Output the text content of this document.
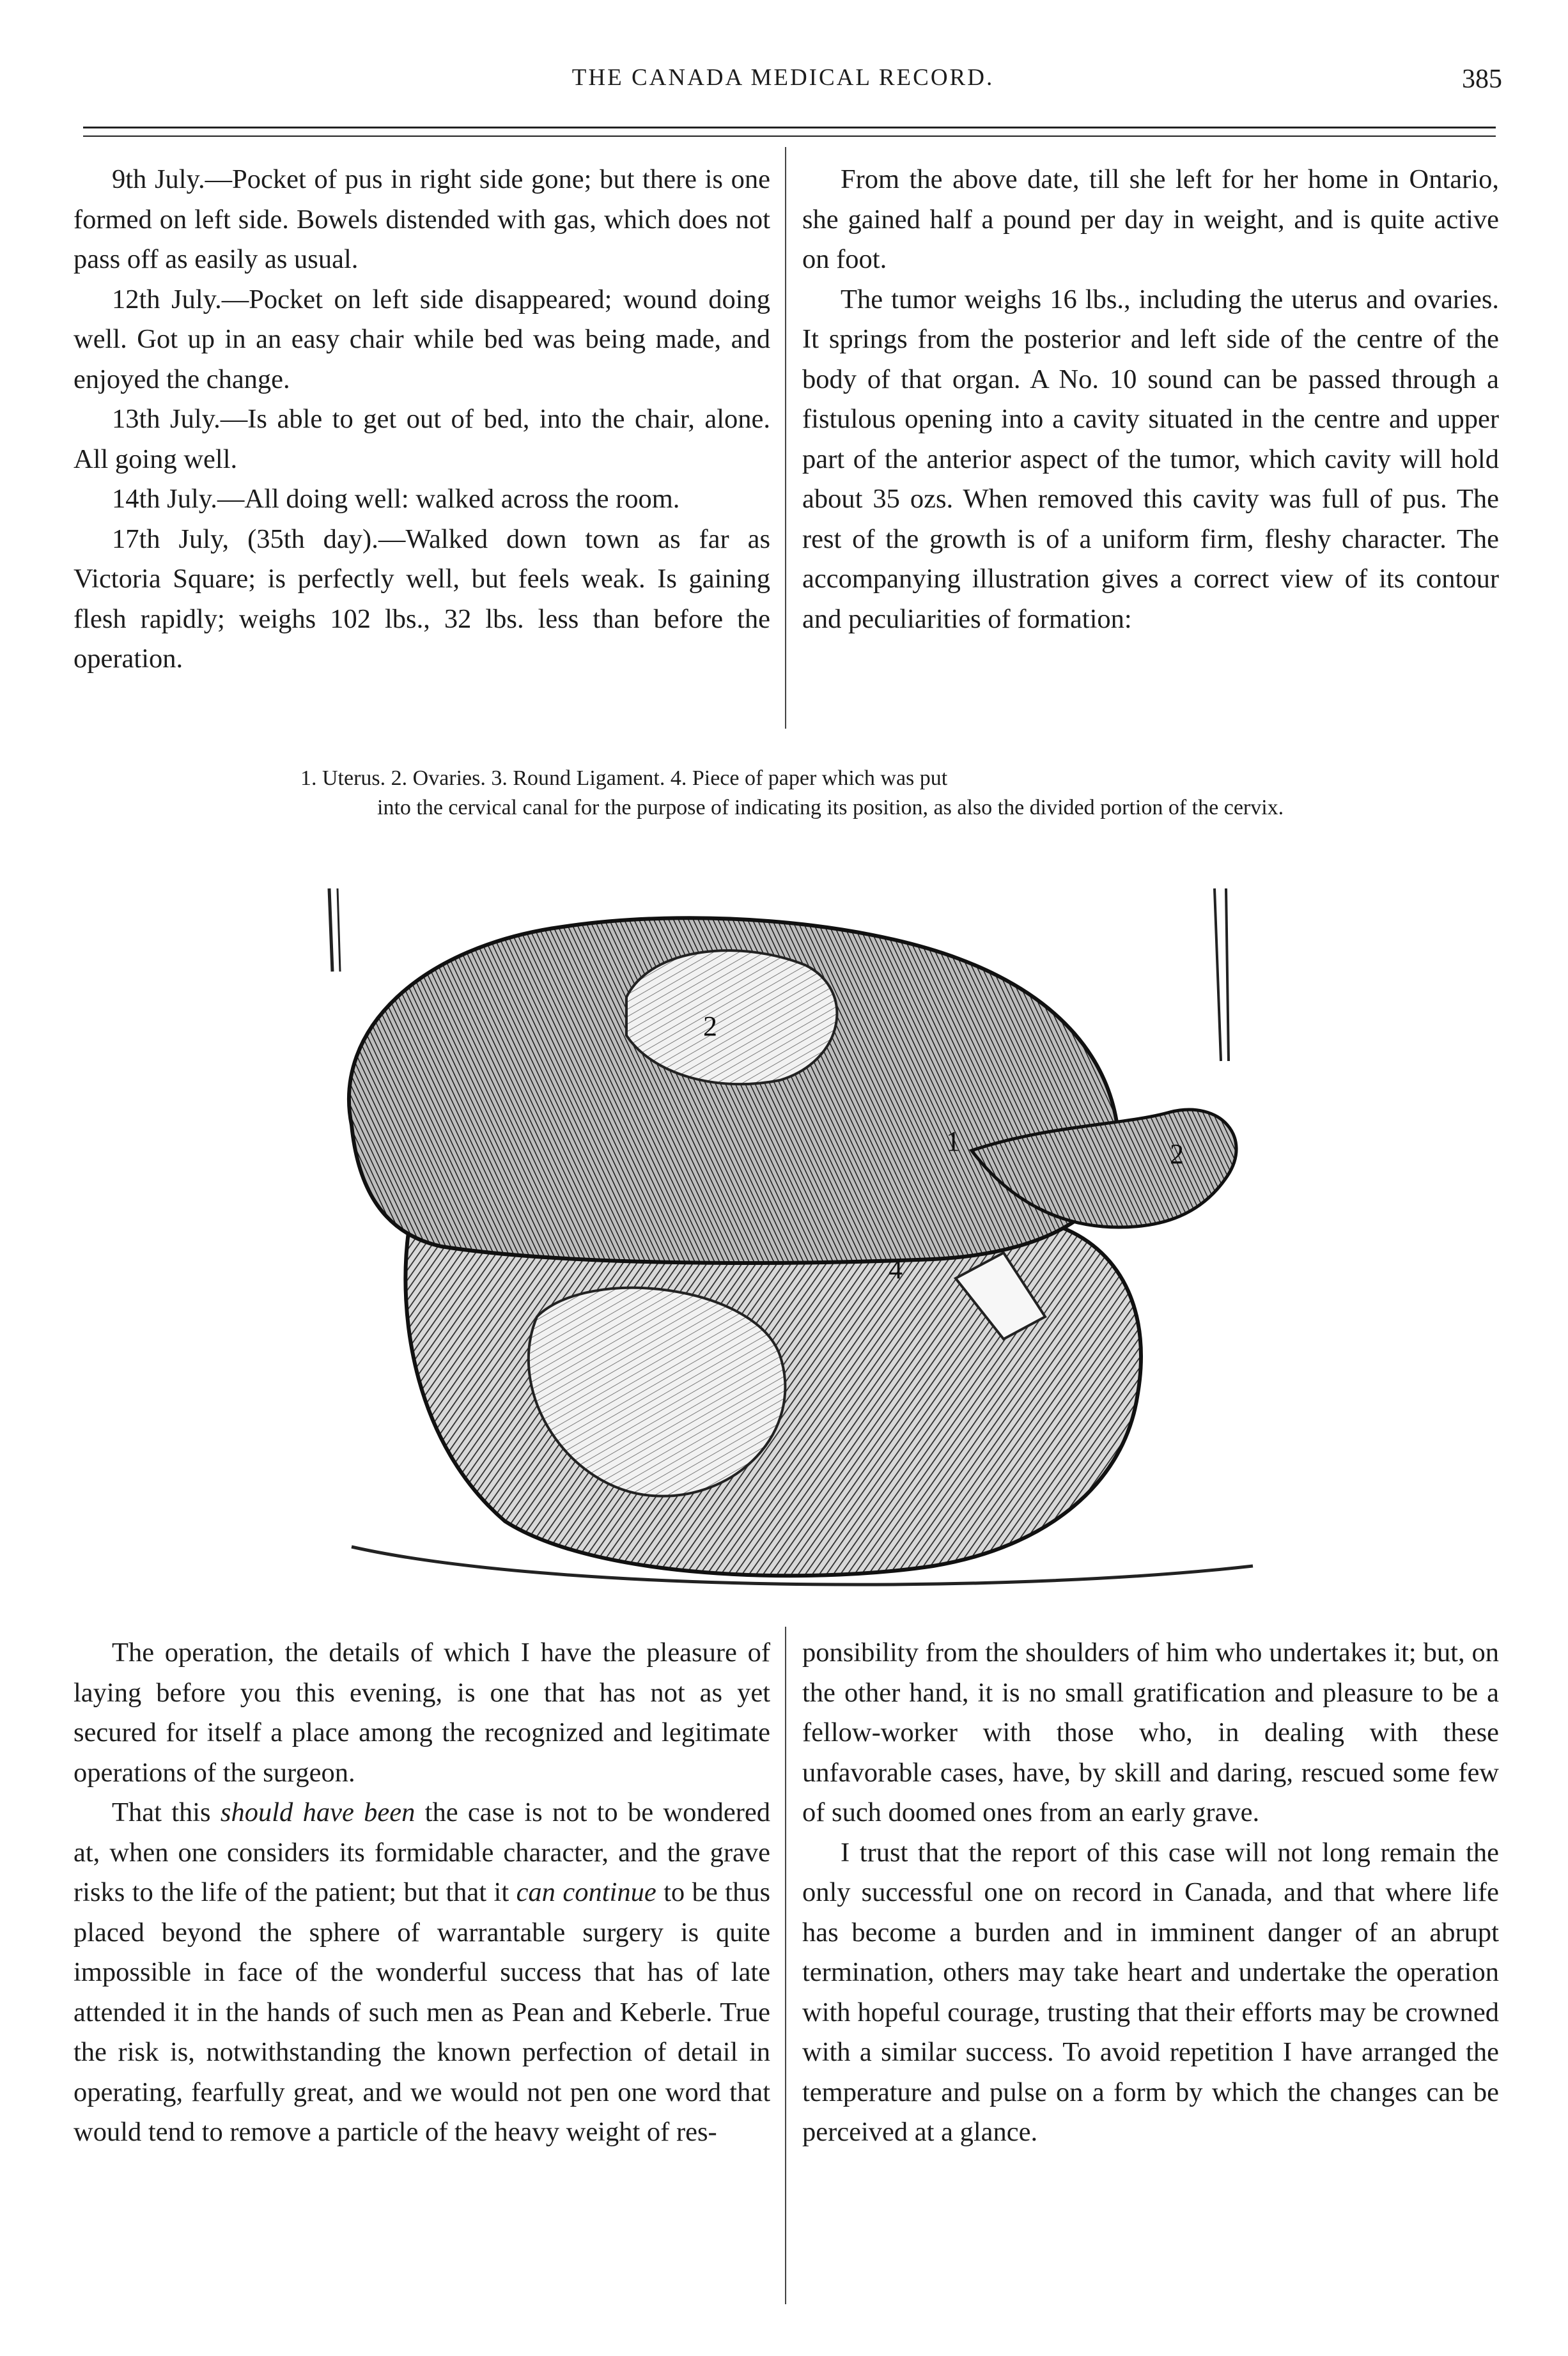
THE CANADA MEDICAL RECORD.	385

9th July.—Pocket of pus in right side gone; but there is one formed on left side. Bowels distended with gas, which does not pass off as easily as usual.

12th July.—Pocket on left side disappeared; wound doing well. Got up in an easy chair while bed was being made, and enjoyed the change.

13th July.—Is able to get out of bed, into the chair, alone. All going well.

14th July.—All doing well: walked across the room.

17th July, (35th day).—Walked down town as far as Victoria Square; is perfectly well, but feels weak. Is gaining flesh rapidly; weighs 102 lbs., 32 lbs. less than before the operation.

From the above date, till she left for her home in Ontario, she gained half a pound per day in weight, and is quite active on foot.

The tumor weighs 16 lbs., including the uterus and ovaries. It springs from the posterior and left side of the centre of the body of that organ. A No. 10 sound can be passed through a fistulous opening into a cavity situated in the centre and upper part of the anterior aspect of the tumor, which cavity will hold about 35 ozs. When removed this cavity was full of pus. The rest of the growth is of a uniform firm, fleshy character. The accompanying illustration gives a correct view of its contour and peculiarities of formation:

1. Uterus. 2. Ovaries. 3. Round Ligament. 4. Piece of paper which was put
into the cervical canal for the purpose of indicating its position, as also the divided portion of the cervix.
1
2
2
4

The operation, the details of which I have the pleasure of laying before you this evening, is one that has not as yet secured for itself a place among the recognized and legitimate operations of the surgeon.

That this should have been the case is not to be wondered at, when one considers its formidable character, and the grave risks to the life of the patient; but that it can continue to be thus placed beyond the sphere of warrantable surgery is quite impossible in face of the wonderful success that has of late attended it in the hands of such men as Pean and Keberle. True the risk is, notwithstanding the known perfection of detail in operating, fearfully great, and we would not pen one word that would tend to remove a particle of the heavy weight of res-

ponsibility from the shoulders of him who undertakes it; but, on the other hand, it is no small gratification and pleasure to be a fellow-worker with those who, in dealing with these unfavorable cases, have, by skill and daring, rescued some few of such doomed ones from an early grave.

I trust that the report of this case will not long remain the only successful one on record in Canada, and that where life has become a burden and in imminent danger of an abrupt termination, others may take heart and undertake the operation with hopeful courage, trusting that their efforts may be crowned with a similar success. To avoid repetition I have arranged the temperature and pulse on a form by which the changes can be perceived at a glance.
